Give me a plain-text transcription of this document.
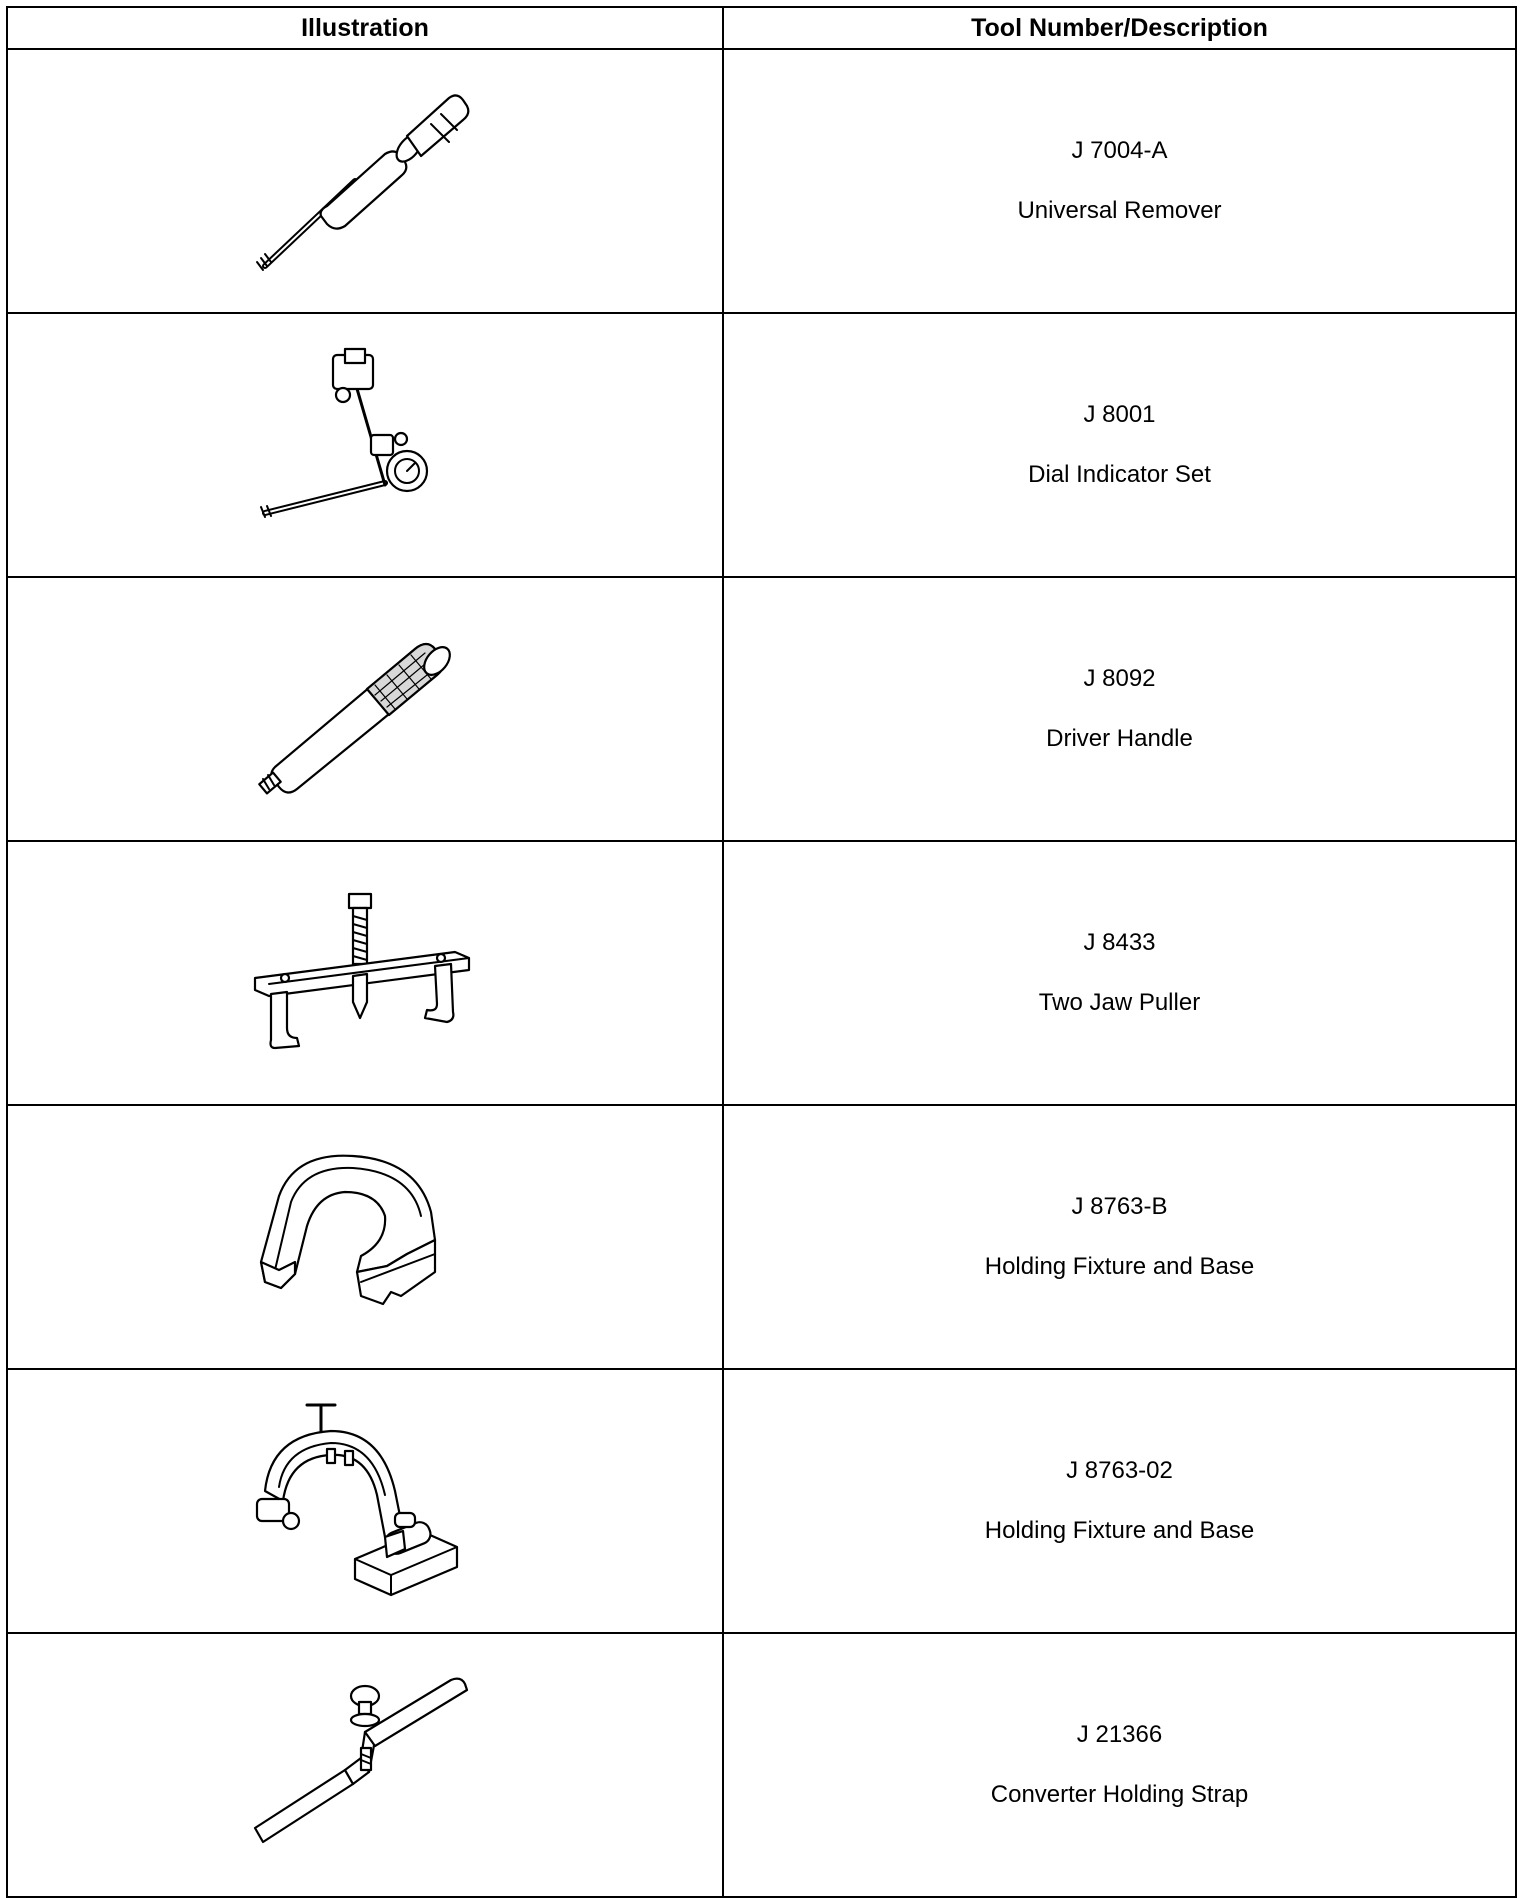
Illustration	Tool Number/Description

J 7004-A
Universal Remover

J 8001
Dial Indicator Set

J 8092
Driver Handle

J 8433
Two Jaw Puller

J 8763-B
Holding Fixture and Base

J 8763-02
Holding Fixture and Base

J 21366
Converter Holding Strap
